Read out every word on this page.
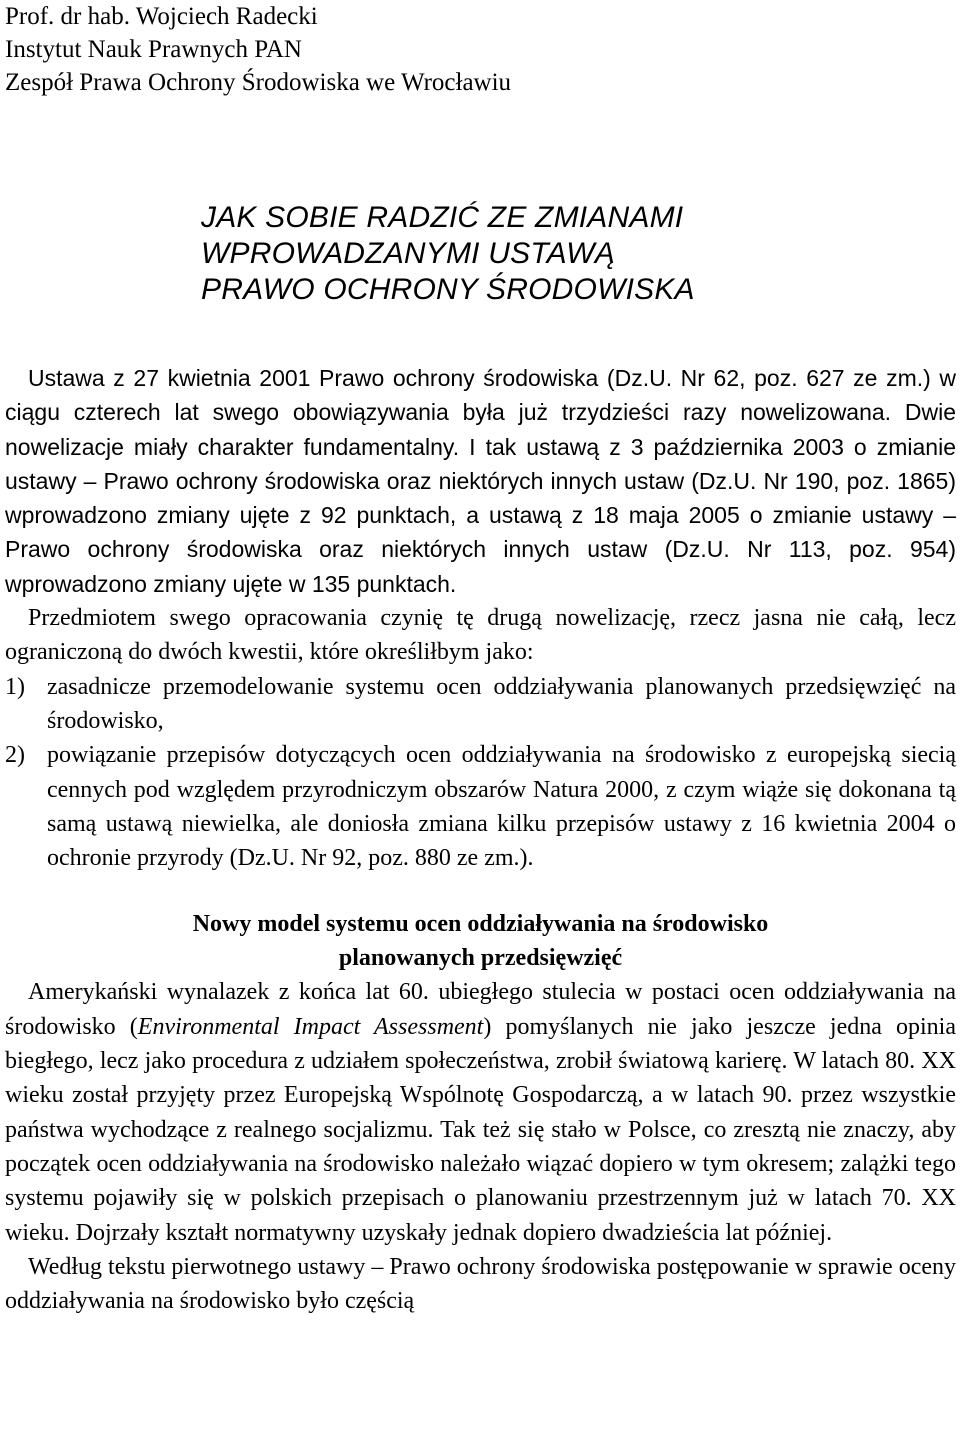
Prof. dr hab. Wojciech Radecki

Instytut Nauk Prawnych PAN

Zespół Prawa Ochrony Środowiska we Wrocławiu

JAK SOBIE RADZIĆ ZE ZMIANAMI
WPROWADZANYMI USTAWĄ
PRAWO OCHRONY ŚRODOWISKA

Ustawa z 27 kwietnia 2001 Prawo ochrony środowiska (Dz.U. Nr 62, poz. 627 ze zm.) w ciągu czterech lat swego obowiązywania była już trzydzieści razy nowelizowana. Dwie nowelizacje miały charakter fundamentalny. I tak ustawą z 3 października 2003 o zmianie ustawy – Prawo ochrony środowiska oraz niektórych innych ustaw (Dz.U. Nr 190, poz. 1865) wprowadzono zmiany ujęte z 92 punktach, a ustawą z 18 maja 2005 o zmianie ustawy – Prawo ochrony środowiska oraz niektórych innych ustaw (Dz.U. Nr 113, poz. 954) wprowadzono zmiany ujęte w 135 punktach.

Przedmiotem swego opracowania czynię tę drugą nowelizację, rzecz jasna nie całą, lecz ograniczoną do dwóch kwestii, które określiłbym jako:

1) zasadnicze przemodelowanie systemu ocen oddziaływania planowanych przedsięwzięć na środowisko,
2) powiązanie przepisów dotyczących ocen oddziaływania na środowisko z europejską siecią cennych pod względem przyrodniczym obszarów Natura 2000, z czym wiąże się dokonana tą samą ustawą niewielka, ale doniosła zmiana kilku przepisów ustawy z 16 kwietnia 2004 o ochronie przyrody (Dz.U. Nr 92, poz. 880 ze zm.).
Nowy model systemu ocen oddziaływania na środowisko
planowanych przedsięwzięć

Amerykański wynalazek z końca lat 60. ubiegłego stulecia w postaci ocen oddziaływania na środowisko (Environmental Impact Assessment) pomyślanych nie jako jeszcze jedna opinia biegłego, lecz jako procedura z udziałem społeczeństwa, zrobił światową karierę. W latach 80. XX wieku został przyjęty przez Europejską Wspólnotę Gospodarczą, a w latach 90. przez wszystkie państwa wychodzące z realnego socjalizmu. Tak też się stało w Polsce, co zresztą nie znaczy, aby początek ocen oddziaływania na środowisko należało wiązać dopiero w tym okresem; zalążki tego systemu pojawiły się w polskich przepisach o planowaniu przestrzennym już w latach 70. XX wieku. Dojrzały kształt normatywny uzyskały jednak dopiero dwadzieścia lat później.

Według tekstu pierwotnego ustawy – Prawo ochrony środowiska postępowanie w sprawie oceny oddziaływania na środowisko było częścią
